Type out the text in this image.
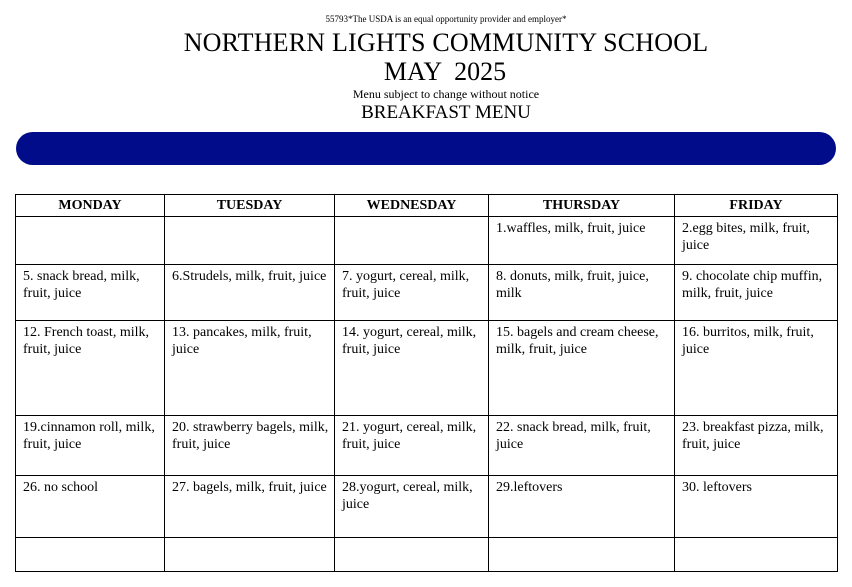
55793*The USDA is an equal opportunity provider and employer*
NORTHERN LIGHTS COMMUNITY SCHOOL
MAY  2025
Menu subject to change without notice
BREAKFAST MENU
MONDAY	TUESDAY	WEDNESDAY	THURSDAY	FRIDAY
			1.waffles, milk, fruit, juice	2.egg bites, milk, fruit, juice
5. snack bread, milk, fruit, juice	6.Strudels, milk, fruit, juice	7. yogurt, cereal, milk, fruit, juice	8. donuts, milk, fruit, juice, milk	9. chocolate chip muffin, milk, fruit, juice
12. French toast, milk, fruit, juice	13. pancakes, milk, fruit, juice	14. yogurt, cereal, milk, fruit, juice	15. bagels and cream cheese, milk, fruit, juice	16. burritos, milk, fruit, juice
19.cinnamon roll, milk, fruit, juice	20. strawberry bagels, milk, fruit, juice	21. yogurt, cereal, milk, fruit, juice	22. snack bread, milk, fruit, juice	23. breakfast pizza, milk, fruit, juice
26. no school	27. bagels, milk, fruit, juice	28.yogurt, cereal, milk, juice	29.leftovers	30. leftovers
